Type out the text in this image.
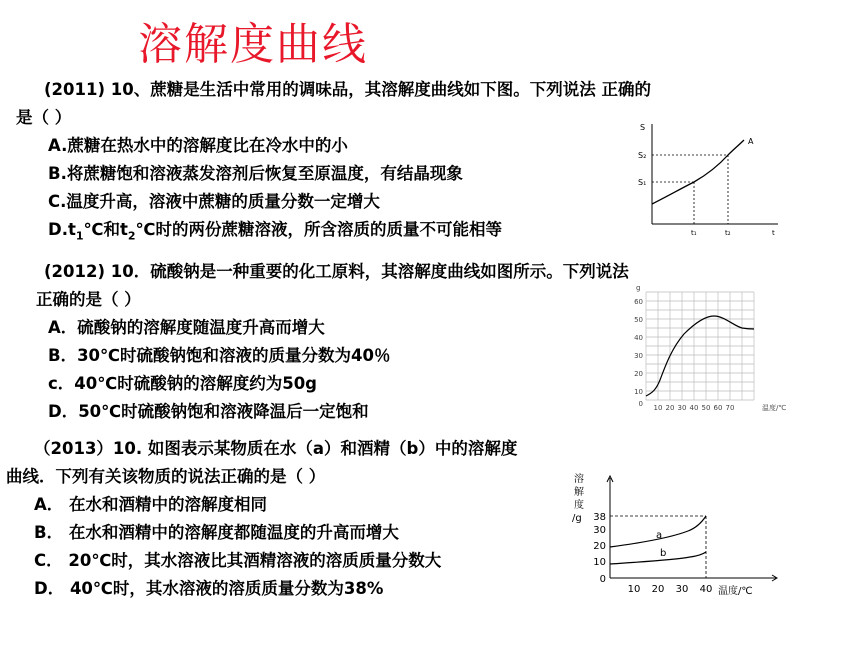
溶解度曲线
(2011) 10、蔗糖是生活中常用的调味品，其溶解度曲线如下图。下列说法 正确的
是（ ）
A.蔗糖在热水中的溶解度比在冷水中的小
B.将蔗糖饱和溶液蒸发溶剂后恢复至原温度，有结晶现象
C.温度升高，溶液中蔗糖的质量分数一定增大
$D.t_1℃$和$t_2℃$时的两份蔗糖溶液，所含溶质的质量不可能相等
S
S₂
S₁
A
t₁	t₂	t
(2012) 10．硫酸钠是一种重要的化工原料，其溶解度曲线如图所示。下列说法
正确的是（ ）
A．硫酸钠的溶解度随温度升高而增大
B．30℃时硫酸钠饱和溶液的质量分数为40％
c．40℃时硫酸钠的溶解度约为50g
D．50℃时硫酸钠饱和溶液降温后一定饱和
g
60
50
40
30
20
10
0 10 20 30 40 50 60 70	温度/℃
（2013）10. 如图表示某物质在水（a）和酒精（b）中的溶解度
曲线．下列有关该物质的说法正确的是（ ）
A． 在水和酒精中的溶解度相同
B． 在水和酒精中的溶解度都随温度的升高而增大
C． 20℃时，其水溶液比其酒精溶液的溶质质量分数大
D． 40℃时，其水溶液的溶质质量分数为38%
溶
解
度
/g 38
30
20
10
0
10 20 30 40 温度/℃
a
b
